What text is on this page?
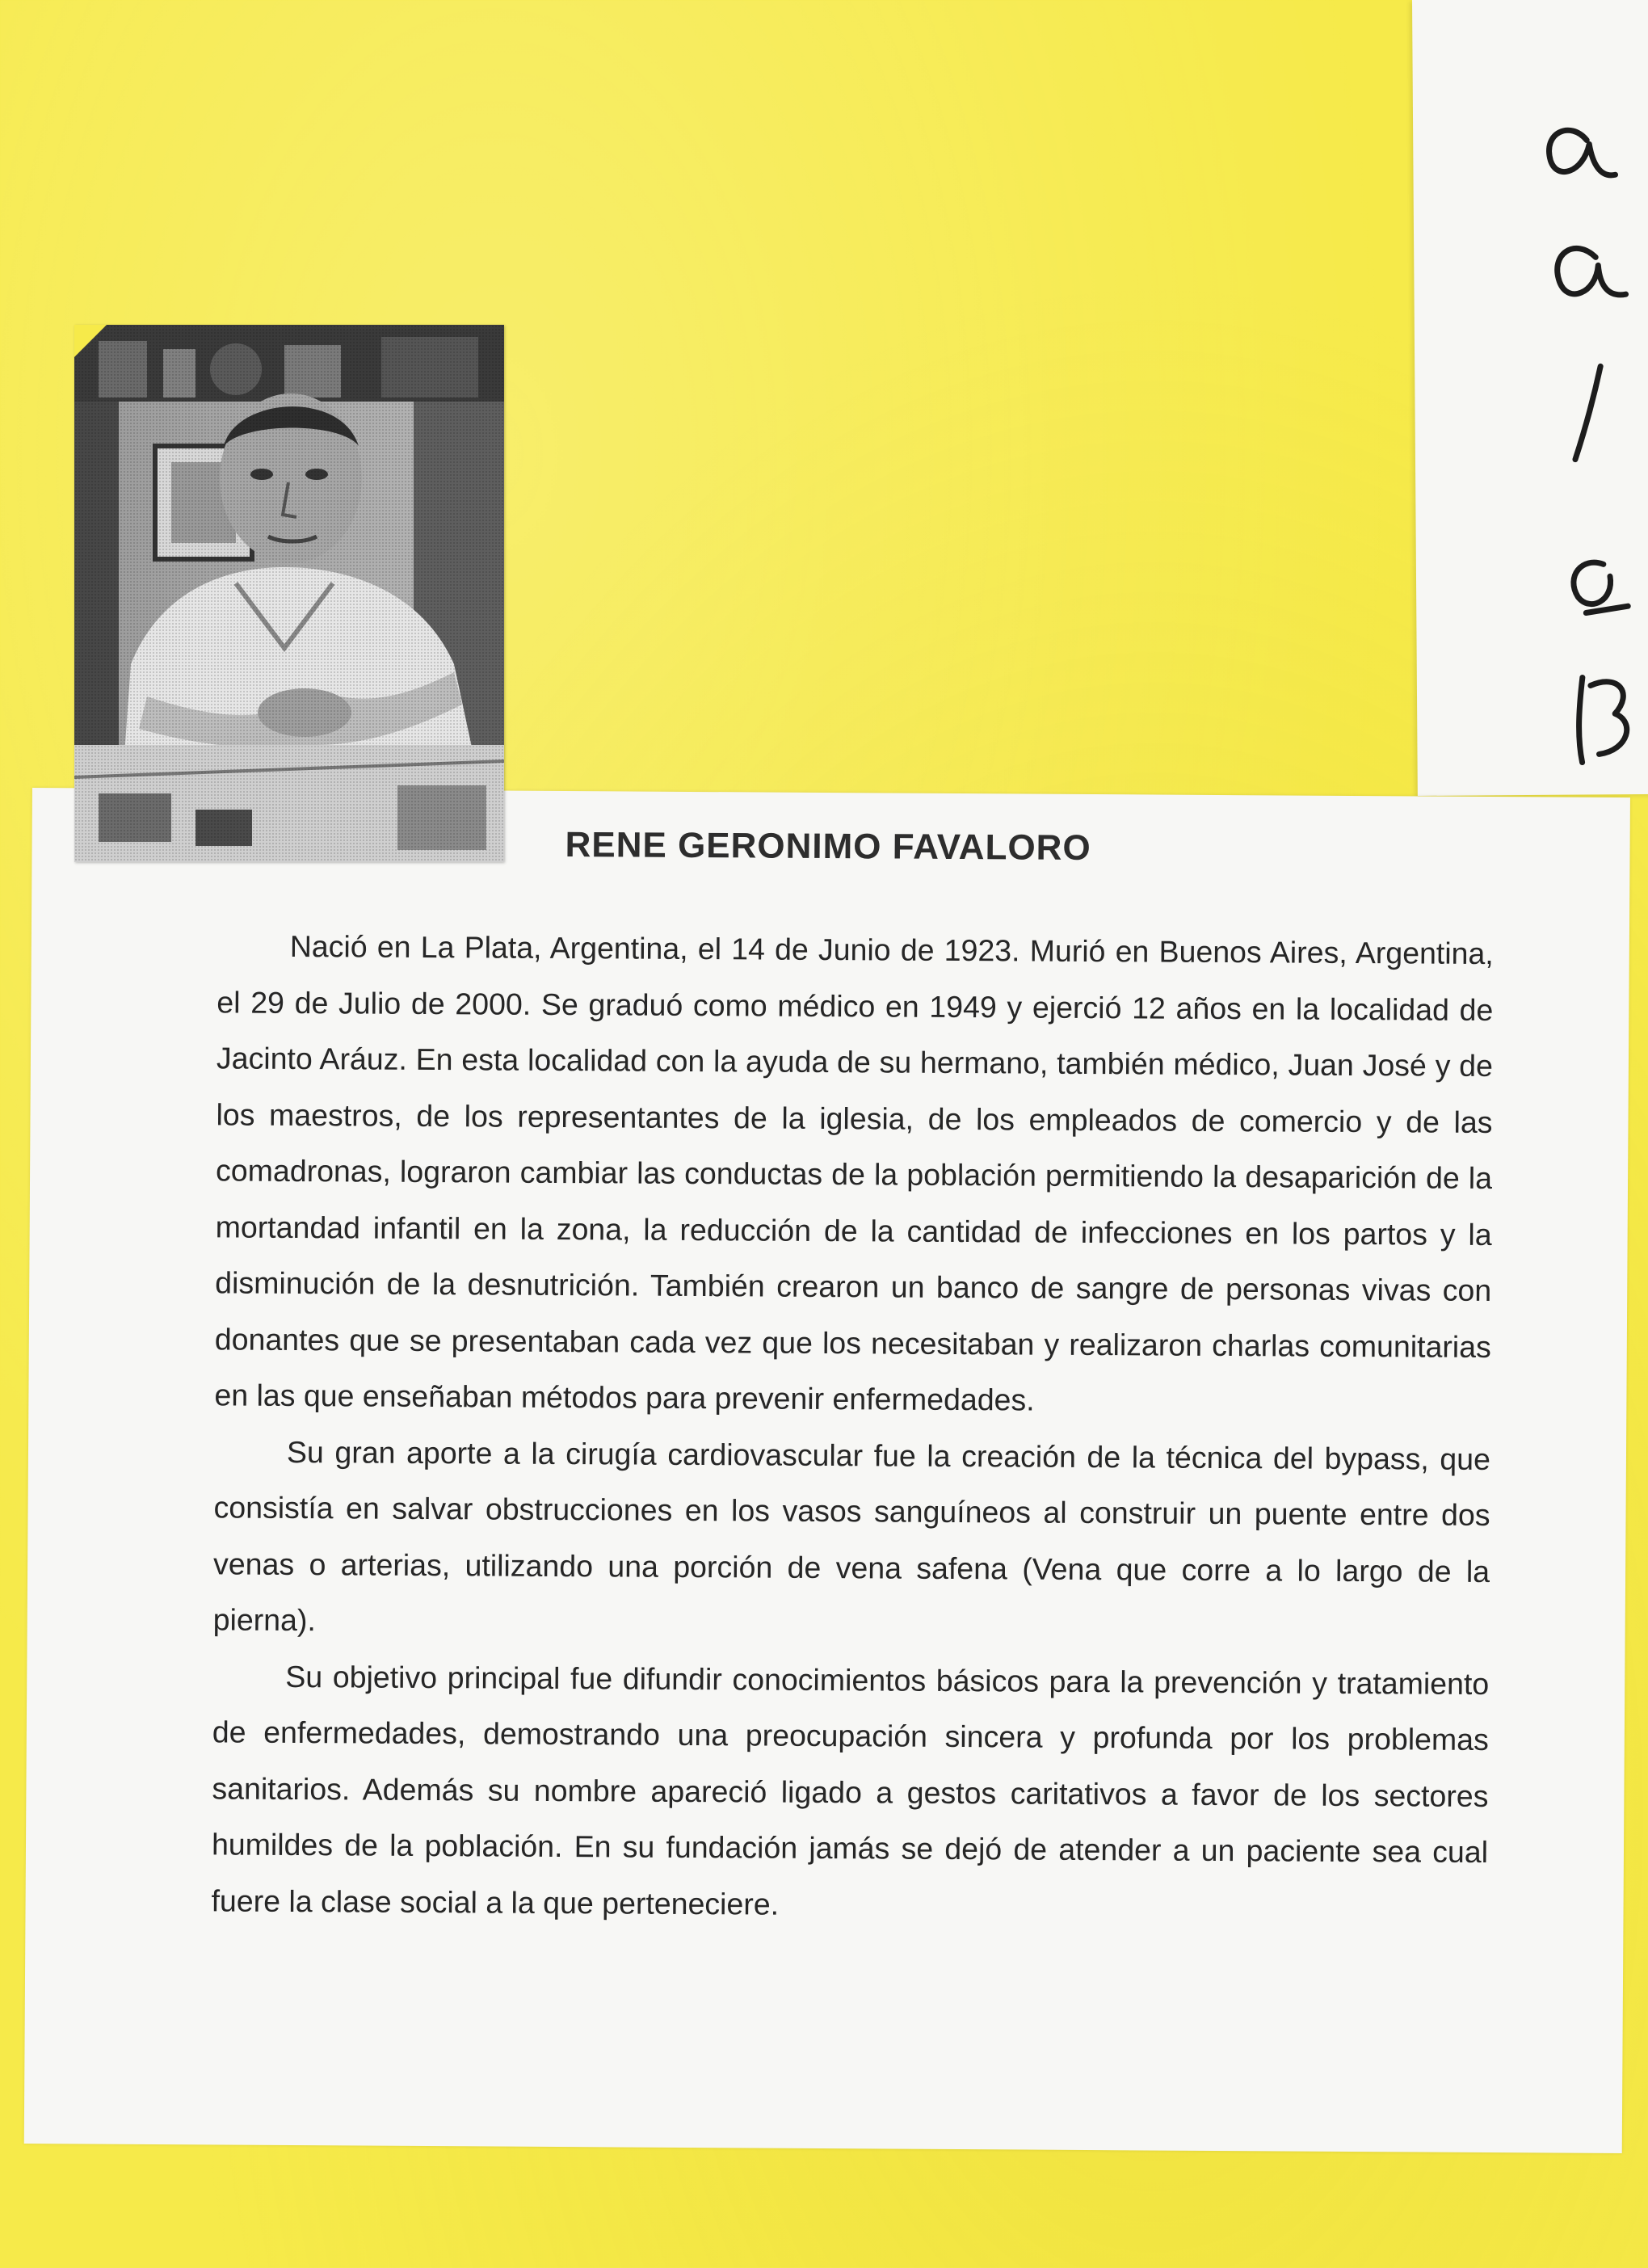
RENE GERONIMO FAVALORO

Nació en La Plata, Argentina, el 14 de Junio de 1923. Murió en Buenos Aires, Argentina, el 29 de Julio de 2000. Se graduó como médico en 1949 y ejerció 12 años en la localidad de Jacinto Aráuz. En esta localidad con la ayuda de su hermano, también médico, Juan José y de los maestros, de los representantes de la iglesia, de los empleados de comercio y de las comadronas, lograron cambiar las conductas de la población permitiendo la desaparición de la mortandad infantil en la zona, la reducción de la cantidad de infecciones en los partos y la disminución de la desnutrición. También crearon un banco de sangre de personas vivas con donantes que se presentaban cada vez que los necesitaban y realizaron charlas comunitarias en las que enseñaban métodos para prevenir enfermedades.

Su gran aporte a la cirugía cardiovascular fue la creación de la técnica del bypass, que consistía en salvar obstrucciones en los vasos sanguíneos al construir un puente entre dos venas o arterias, utilizando una porción de vena safena (Vena que corre a lo largo de la pierna).

Su objetivo principal fue difundir conocimientos básicos para la prevención y tratamiento de enfermedades, demostrando una preocupación sincera y profunda por los problemas sanitarios. Además su nombre apareció ligado a gestos caritativos a favor de los sectores humildes de la población. En su fundación jamás se dejó de atender a un paciente sea cual fuere la clase social a la que perteneciere.
